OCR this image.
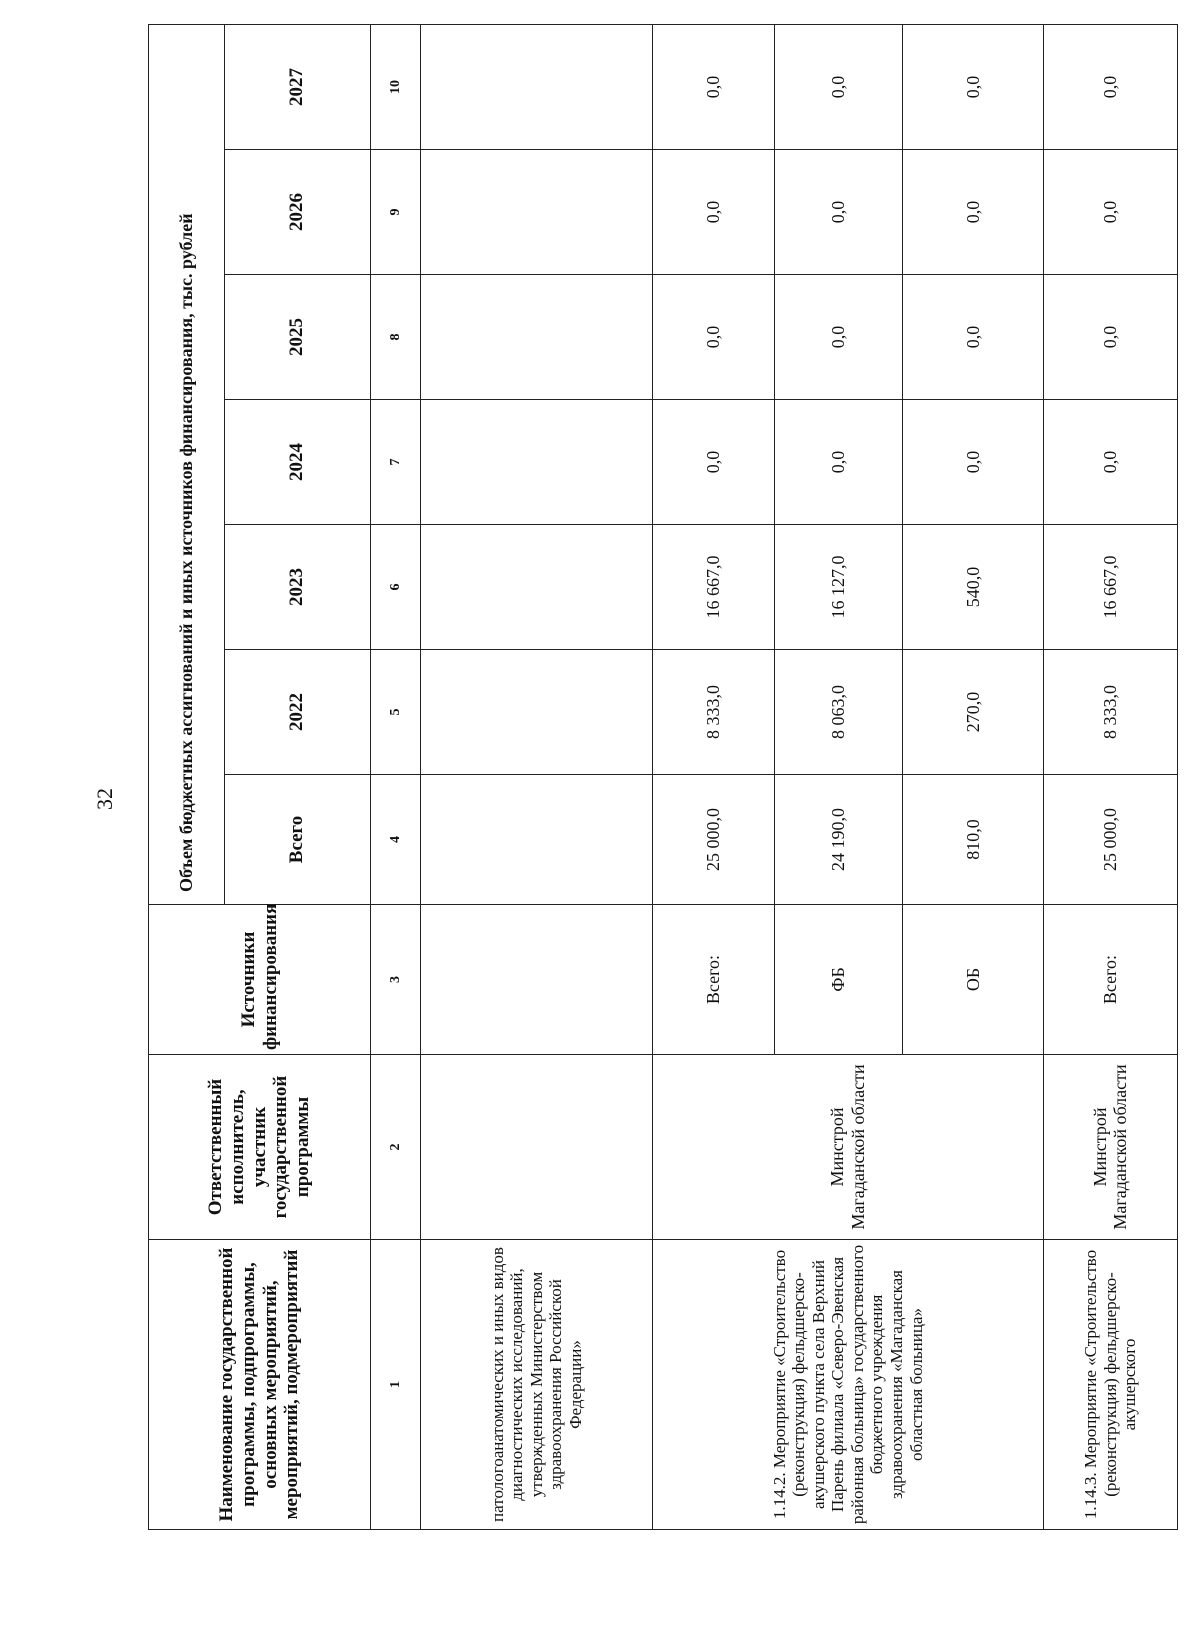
32
Наименование государственной программы, подпрограммы, основных мероприятий, мероприятий, подмероприятий	Ответственный исполнитель, участник государственной программы	Источники финансирования	Объем бюджетных ассигнований и иных источников финансирования, тыс. рублей						
			Всего	2022	2023	2024	2025	2026	2027
1	2	3	4	5	6	7	8	9	10
патологоанатомических и иных видов диагностических исследований, утвержденных Министерством здравоохранения Российской Федерации»									
1.14.2. Мероприятие «Строительство (реконструкция) фельдшерско-акушерского пункта села Верхний Парень филиала «Северо-Эвенская районная больница» государственного бюджетного учреждения здравоохранения «Магаданская областная больница»	Минстрой Магаданской области	Всего:	25 000,0	8 333,0	16 667,0	0,0	0,0	0,0	0,0
		ФБ	24 190,0	8 063,0	16 127,0	0,0	0,0	0,0	0,0
		ОБ	810,0	270,0	540,0	0,0	0,0	0,0	0,0
1.14.3. Мероприятие «Строительство (реконструкция) фельдшерско-акушерского	Минстрой Магаданской области	Всего:	25 000,0	8 333,0	16 667,0	0,0	0,0	0,0	0,0
